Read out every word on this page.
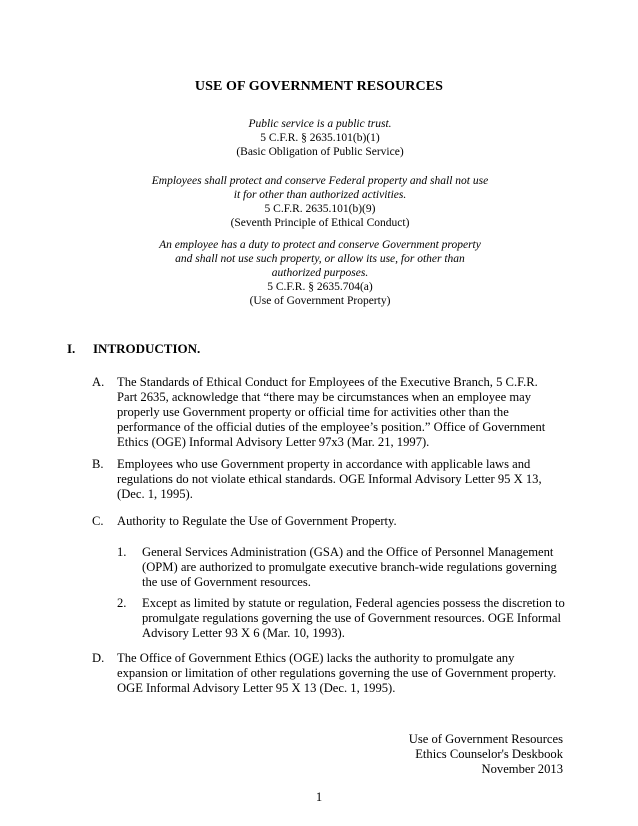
USE OF GOVERNMENT RESOURCES
Public service is a public trust.
5 C.F.R. § 2635.101(b)(1)
(Basic Obligation of Public Service)
Employees shall protect and conserve Federal property and shall not use
it for other than authorized activities.
5 C.F.R. 2635.101(b)(9)
(Seventh Principle of Ethical Conduct)
An employee has a duty to protect and conserve Government property
and shall not use such property, or allow its use, for other than
authorized purposes.
5 C.F.R. § 2635.704(a)
(Use of Government Property)
I. INTRODUCTION.
A. The Standards of Ethical Conduct for Employees of the Executive Branch, 5 C.F.R.
Part 2635, acknowledge that “there may be circumstances when an employee may
properly use Government property or official time for activities other than the
performance of the official duties of the employee’s position.” Office of Government
Ethics (OGE) Informal Advisory Letter 97x3 (Mar. 21, 1997).
B. Employees who use Government property in accordance with applicable laws and
regulations do not violate ethical standards. OGE Informal Advisory Letter 95 X 13,
(Dec. 1, 1995).
C. Authority to Regulate the Use of Government Property.
1. General Services Administration (GSA) and the Office of Personnel Management
(OPM) are authorized to promulgate executive branch-wide regulations governing
the use of Government resources.
2. Except as limited by statute or regulation, Federal agencies possess the discretion to
promulgate regulations governing the use of Government resources. OGE Informal
Advisory Letter 93 X 6 (Mar. 10, 1993).
D. The Office of Government Ethics (OGE) lacks the authority to promulgate any
expansion or limitation of other regulations governing the use of Government property.
OGE Informal Advisory Letter 95 X 13 (Dec. 1, 1995).
Use of Government Resources
Ethics Counselor's Deskbook
November 2013
1
